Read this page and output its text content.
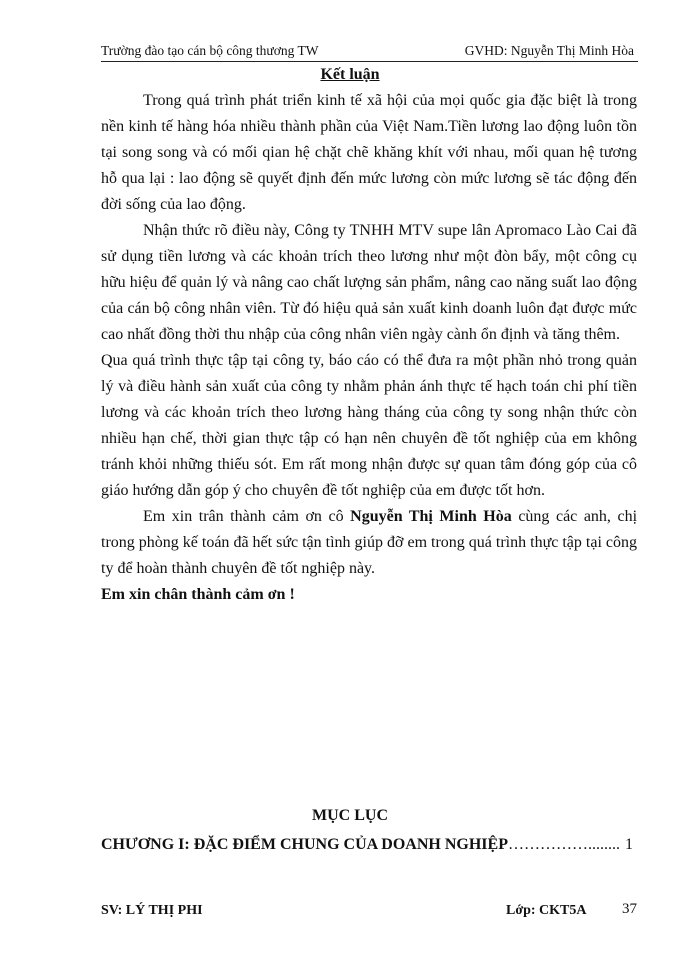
Trường đào tạo cán bộ công thương TW	GVHD: Nguyễn Thị Minh Hòa
Kết luận

Trong quá trình phát triển kinh tế xã hội của mọi quốc gia đặc biệt là trong nền kinh tế hàng hóa nhiều thành phần của Việt Nam.Tiền lương lao động luôn tồn tại song song và có mối qian hệ chặt chẽ khăng khít với nhau, mối quan hệ tương hỗ qua lại : lao động sẽ quyết định đến mức lương còn mức lương sẽ tác động đến đời sống của lao động.

Nhận thức rõ điều này, Công ty TNHH MTV supe lân Apromaco Lào Cai đã sử dụng tiền lương và các khoản trích theo lương như một đòn bẩy, một công cụ hữu hiệu để quản lý và nâng cao chất lượng sản phẩm, nâng cao năng suất lao động của cán bộ công nhân viên. Từ đó hiệu quả sản xuất kinh doanh luôn đạt được mức cao nhất đồng thời thu nhập của công nhân viên ngày cành ổn định và tăng thêm.

Qua quá trình thực tập tại công ty, báo cáo có thể đưa ra một phần nhỏ trong quản lý và điều hành sản xuất của công ty nhằm phản ánh thực tế hạch toán chi phí tiền lương và các khoản trích theo lương hàng tháng của công ty song nhận thức còn nhiều hạn chế, thời gian thực tập có hạn nên chuyên đề tốt nghiệp của em không tránh khỏi những thiếu sót. Em rất mong nhận được sự quan tâm đóng góp của cô giáo hướng dẫn góp ý cho chuyên đề tốt nghiệp của em được tốt hơn.

Em xin trân thành cảm ơn cô Nguyễn Thị Minh Hòa cùng các anh, chị trong phòng kế toán đã hết sức tận tình giúp đỡ em trong quá trình thực tập tại công ty để hoàn thành chuyên đề tốt nghiệp này.

Em xin chân thành cảm ơn !

MỤC LỤC
CHƯƠNG I: ĐẶC ĐIỂM CHUNG CỦA DOANH NGHIỆP ……………........ 1
SV: LÝ THỊ PHI	Lớp: CKT5A 37
